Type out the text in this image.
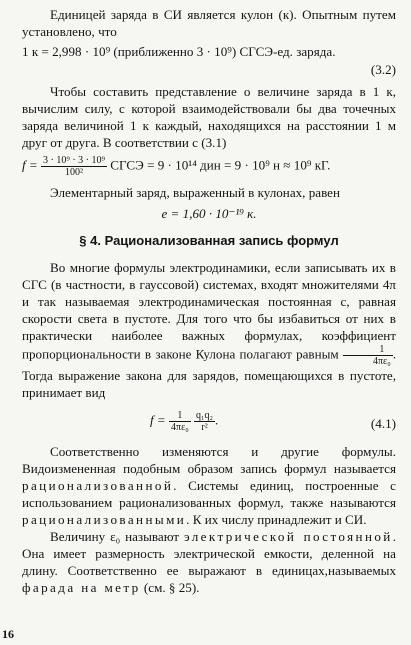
Единицей заряда в СИ является кулон (к). Опытным путем установлено, что

1 к = 2,998 · 10⁹ (приближенно 3 · 10⁹) СГСЭ-ед. заряда.
(3.2)

Чтобы составить представление о величине заряда в 1 к, вычислим силу, с которой взаимодействовали бы два точечных заряда величиной 1 к каждый, находящихся на расстоянии 1 м друг от друга. В соответствии с (3.1)

$f = \frac{\text{3 · 10⁹ · 3 · 10⁹}}{\text{100²}}$ СГСЭ = 9 · 10¹⁴ дин = 9 · 10⁹ н ≈ 10⁹ кГ.

Элементарный заряд, выраженный в кулонах, равен

e = 1,60 · 10⁻¹⁹ к.
§ 4. Рационализованная запись формул

Во многие формулы электродинамики, если записывать их в СГС (в частности, в гауссовой) системах, входят множителями 4π и так называемая электродинамическая постоянная c, равная скорости света в пустоте. Для того что бы избавиться от них в практически наиболее важных формулах, коэффициент пропорциональности в законе Кулона полагают равным $\frac{1}{\text{4πε₀}}$ . Тогда выражение закона для зарядов, помещающихся в пустоте, принимает вид

$f = \frac{1}{\text{4πε₀}}$
$\frac{\text{q₁q₂}}{\text{r²}}$ .	(4.1)

Соответственно изменяются и другие формулы. Видоизмененная подобным образом запись формул называется рационализованной. Системы единиц, построенные с использованием рационализованных формул, также называются рационализованными. К их числу принадлежит и СИ.

Величину ε₀ называют электрической постоянной. Она имеет размерность электрической емкости, деленной на длину. Соответственно ее выражают в единицах,называемых фарада на метр (см. § 25).

16
